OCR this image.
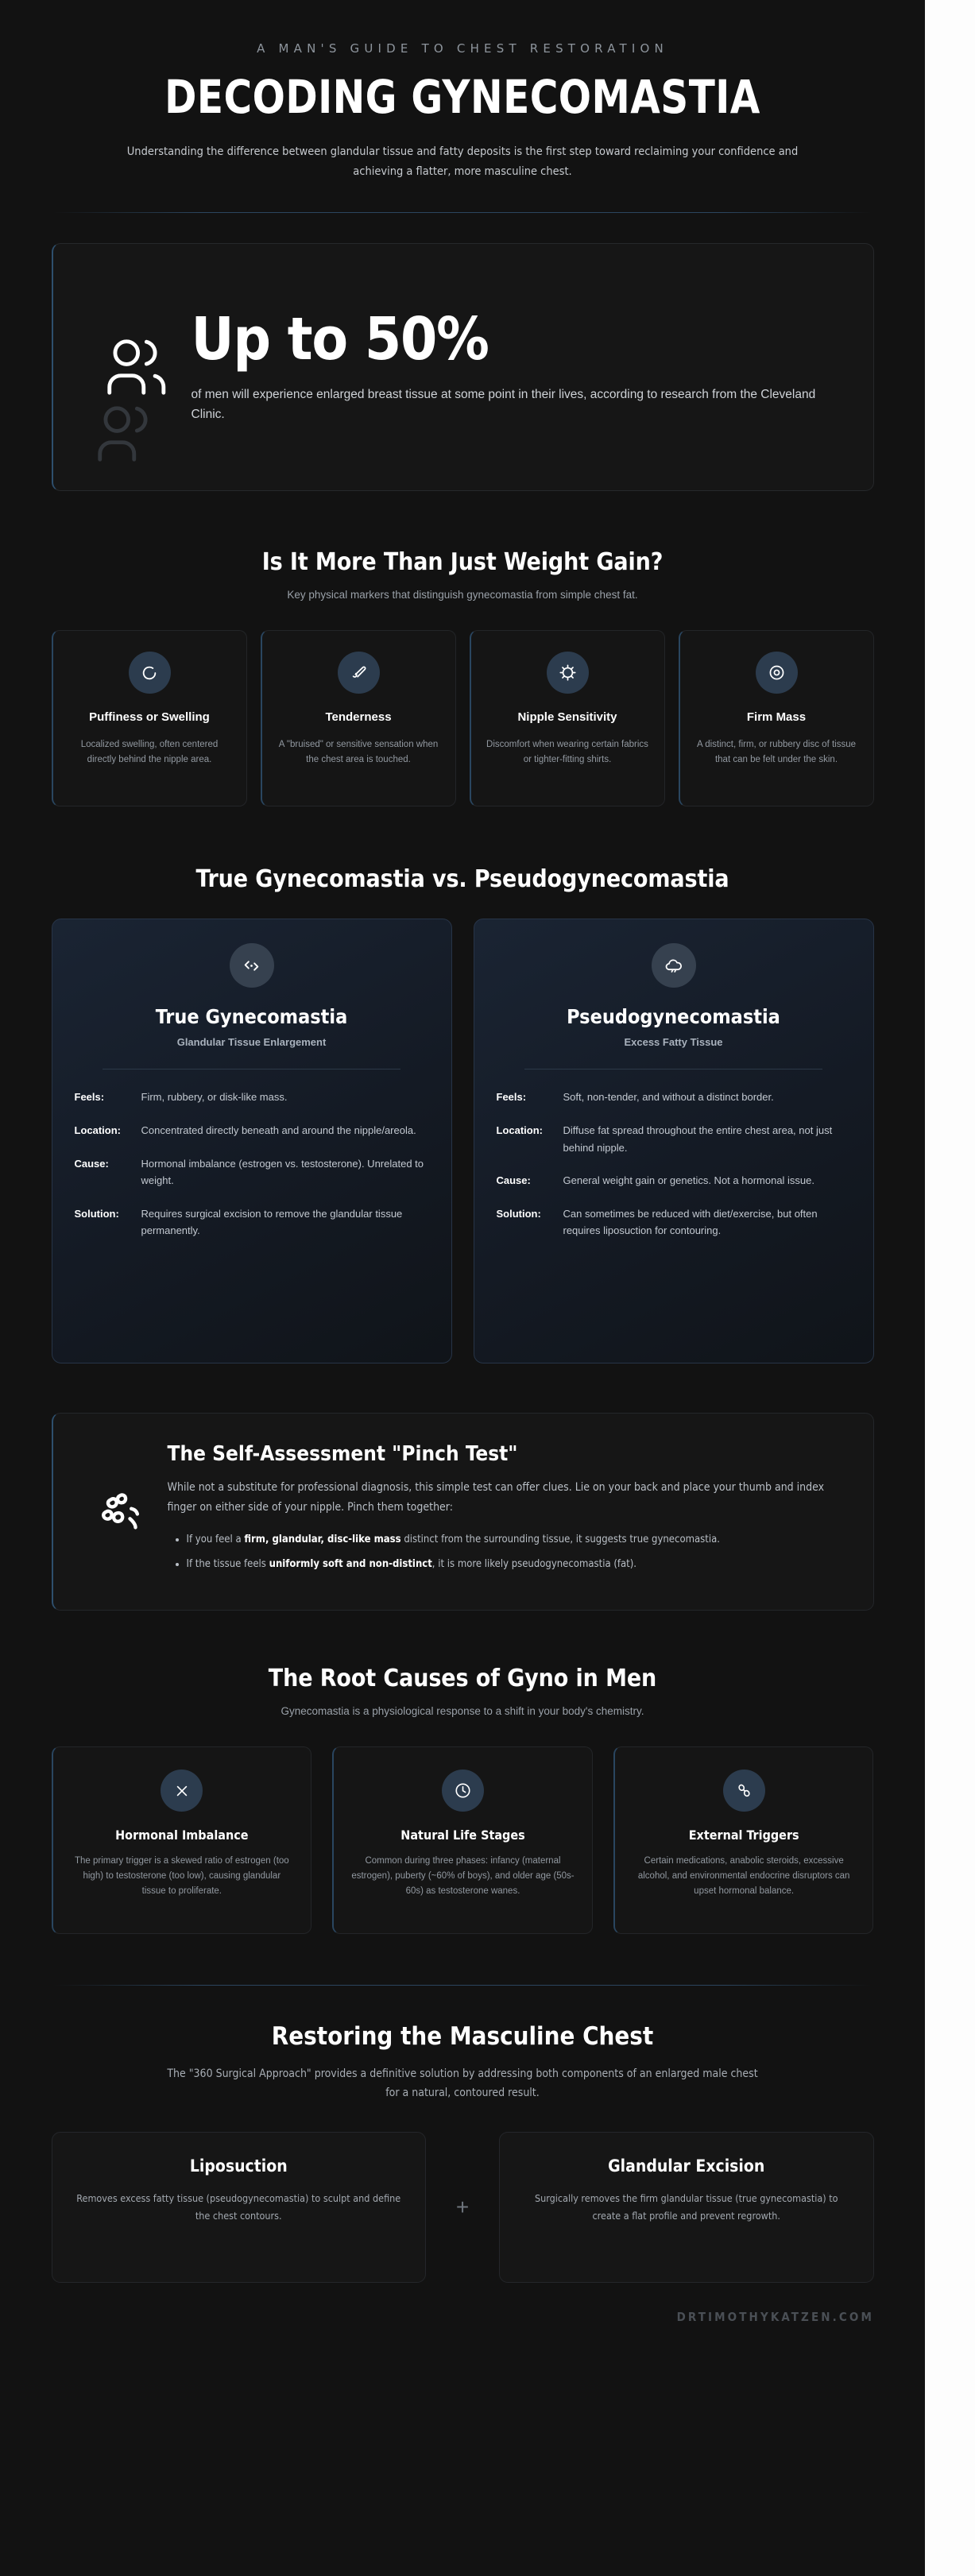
A MAN'S GUIDE TO CHEST RESTORATION
DECODING GYNECOMASTIA
Understanding the difference between glandular tissue and fatty deposits is the first step toward reclaiming your confidence and achieving a flatter, more masculine chest.
Up to 50%
of men will experience enlarged breast tissue at some point in their lives, according to research from the Cleveland Clinic.
Is It More Than Just Weight Gain?
Key physical markers that distinguish gynecomastia from simple chest fat.
Puffiness or Swelling
Localized swelling, often centered directly behind the nipple area.
Tenderness
A "bruised" or sensitive sensation when the chest area is touched.
Nipple Sensitivity
Discomfort when wearing certain fabrics or tighter-fitting shirts.
Firm Mass
A distinct, firm, or rubbery disc of tissue that can be felt under the skin.
True Gynecomastia vs. Pseudogynecomastia
True Gynecomastia
Glandular Tissue Enlargement
Feels:	Firm, rubbery, or disk-like mass.
Location:	Concentrated directly beneath and around the nipple/areola.
Cause:	Hormonal imbalance (estrogen vs. testosterone). Unrelated to weight.
Solution:	Requires surgical excision to remove the glandular tissue permanently.
Pseudogynecomastia
Excess Fatty Tissue
Feels:	Soft, non-tender, and without a distinct border.
Location:	Diffuse fat spread throughout the entire chest area, not just behind nipple.
Cause:	General weight gain or genetics. Not a hormonal issue.
Solution:	Can sometimes be reduced with diet/exercise, but often requires liposuction for contouring.
The Self-Assessment "Pinch Test"
While not a substitute for professional diagnosis, this simple test can offer clues. Lie on your back and place your thumb and index finger on either side of your nipple. Pinch them together:
• If you feel a firm, glandular, disc-like mass distinct from the surrounding tissue, it suggests true gynecomastia.
• If the tissue feels uniformly soft and non-distinct, it is more likely pseudogynecomastia (fat).
The Root Causes of Gyno in Men
Gynecomastia is a physiological response to a shift in your body's chemistry.
Hormonal Imbalance
The primary trigger is a skewed ratio of estrogen (too high) to testosterone (too low), causing glandular tissue to proliferate.
Natural Life Stages
Common during three phases: infancy (maternal estrogen), puberty (~60% of boys), and older age (50s-60s) as testosterone wanes.
External Triggers
Certain medications, anabolic steroids, excessive alcohol, and environmental endocrine disruptors can upset hormonal balance.
Restoring the Masculine Chest
The "360 Surgical Approach" provides a definitive solution by addressing both components of an enlarged male chest for a natural, contoured result.
Liposuction
Removes excess fatty tissue (pseudogynecomastia) to sculpt and define the chest contours.	+
Glandular Excision
Surgically removes the firm glandular tissue (true gynecomastia) to create a flat profile and prevent regrowth.
DRTIMOTHYKATZEN.COM
